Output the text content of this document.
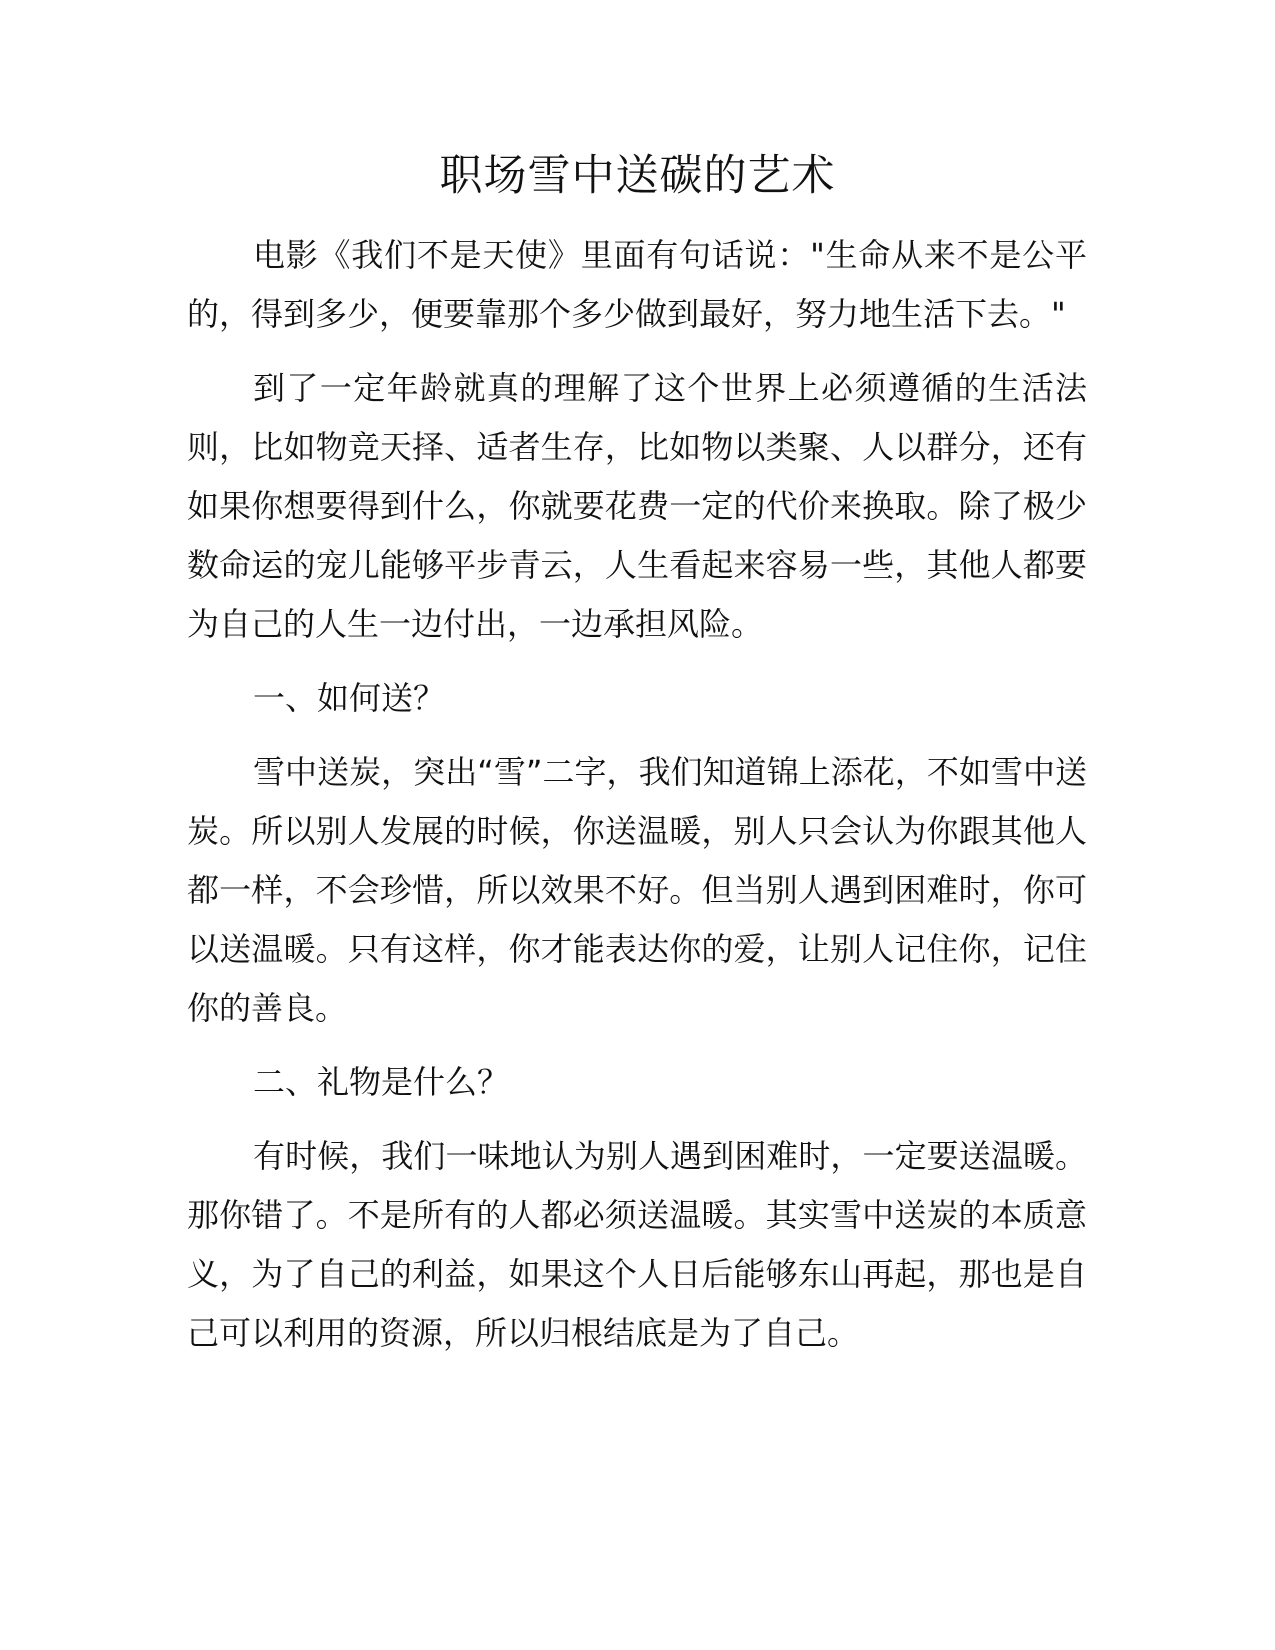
职场雪中送碳的艺术

电影《我们不是天使》里面有句话说："生命从来不是公平的，得到多少，便要靠那个多少做到最好，努力地生活下去。"

到了一定年龄就真的理解了这个世界上必须遵循的生活法则，比如物竞天择、适者生存，比如物以类聚、人以群分，还有如果你想要得到什么，你就要花费一定的代价来换取。除了极少数命运的宠儿能够平步青云，人生看起来容易一些，其他人都要为自己的人生一边付出，一边承担风险。

一、如何送？

雪中送炭，突出“雪”二字，我们知道锦上添花，不如雪中送炭。所以别人发展的时候，你送温暖，别人只会认为你跟其他人都一样，不会珍惜，所以效果不好。但当别人遇到困难时，你可以送温暖。只有这样，你才能表达你的爱，让别人记住你，记住你的善良。

二、礼物是什么？

有时候，我们一味地认为别人遇到困难时，一定要送温暖。那你错了。不是所有的人都必须送温暖。其实雪中送炭的本质意义，为了自己的利益，如果这个人日后能够东山再起，那也是自己可以利用的资源，所以归根结底是为了自己。
